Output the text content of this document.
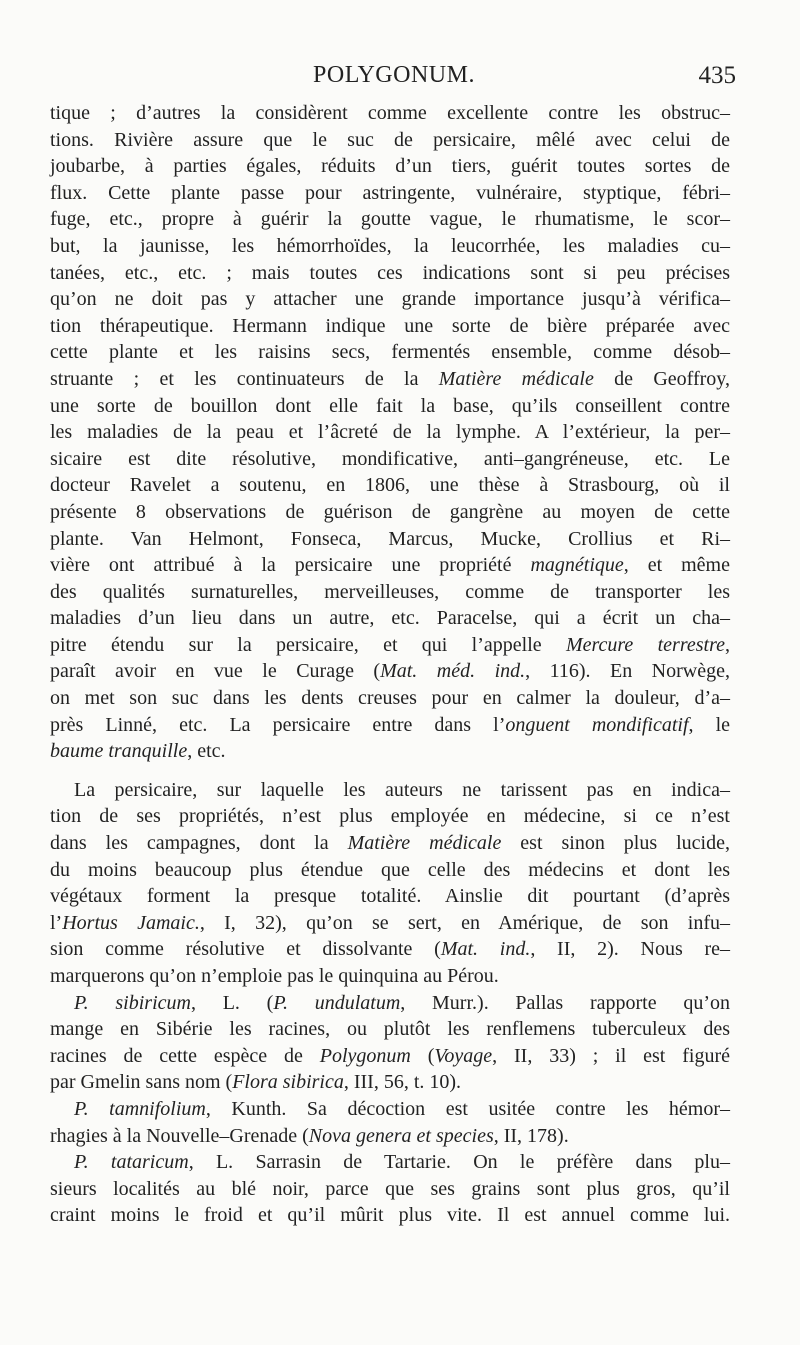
POLYGONUM.	435

tique ; d’autres la considèrent comme excellente contre les obstruc–

tions. Rivière assure que le suc de persicaire, mêlé avec celui de

joubarbe, à parties égales, réduits d’un tiers, guérit toutes sortes de

flux. Cette plante passe pour astringente, vulnéraire, styptique, fébri–

fuge, etc., propre à guérir la goutte vague, le rhumatisme, le scor–

but, la jaunisse, les hémorrhoïdes, la leucorrhée, les maladies cu–

tanées, etc., etc. ; mais toutes ces indications sont si peu précises

qu’on ne doit pas y attacher une grande importance jusqu’à vérifica–

tion thérapeutique. Hermann indique une sorte de bière préparée avec

cette plante et les raisins secs, fermentés ensemble, comme désob–

struante ; et les continuateurs de la Matière médicale de Geoffroy,

une sorte de bouillon dont elle fait la base, qu’ils conseillent contre

les maladies de la peau et l’âcreté de la lymphe. A l’extérieur, la per–

sicaire est dite résolutive, mondificative, anti–gangréneuse, etc. Le

docteur Ravelet a soutenu, en 1806, une thèse à Strasbourg, où il

présente 8 observations de guérison de gangrène au moyen de cette

plante. Van Helmont, Fonseca, Marcus, Mucke, Crollius et Ri–

vière ont attribué à la persicaire une propriété magnétique, et même

des qualités surnaturelles, merveilleuses, comme de transporter les

maladies d’un lieu dans un autre, etc. Paracelse, qui a écrit un cha–

pitre étendu sur la persicaire, et qui l’appelle Mercure terrestre,

paraît avoir en vue le Curage (Mat. méd. ind., 116). En Norwège,

on met son suc dans les dents creuses pour en calmer la douleur, d’a–

près Linné, etc. La persicaire entre dans l’onguent mondificatif, le

baume tranquille, etc.

La persicaire, sur laquelle les auteurs ne tarissent pas en indica–

tion de ses propriétés, n’est plus employée en médecine, si ce n’est

dans les campagnes, dont la Matière médicale est sinon plus lucide,

du moins beaucoup plus étendue que celle des médecins et dont les

végétaux forment la presque totalité. Ainslie dit pourtant (d’après

l’Hortus Jamaic., I, 32), qu’on se sert, en Amérique, de son infu–

sion comme résolutive et dissolvante (Mat. ind., II, 2). Nous re–

marquerons qu’on n’emploie pas le quinquina au Pérou.

P. sibiricum, L. (P. undulatum, Murr.). Pallas rapporte qu’on

mange en Sibérie les racines, ou plutôt les renflemens tuberculeux des

racines de cette espèce de Polygonum (Voyage, II, 33) ; il est figuré

par Gmelin sans nom (Flora sibirica, III, 56, t. 10).

P. tamnifolium, Kunth. Sa décoction est usitée contre les hémor–

rhagies à la Nouvelle–Grenade (Nova genera et species, II, 178).

P. tataricum, L. Sarrasin de Tartarie. On le préfère dans plu–

sieurs localités au blé noir, parce que ses grains sont plus gros, qu’il

craint moins le froid et qu’il mûrit plus vite. Il est annuel comme lui.
